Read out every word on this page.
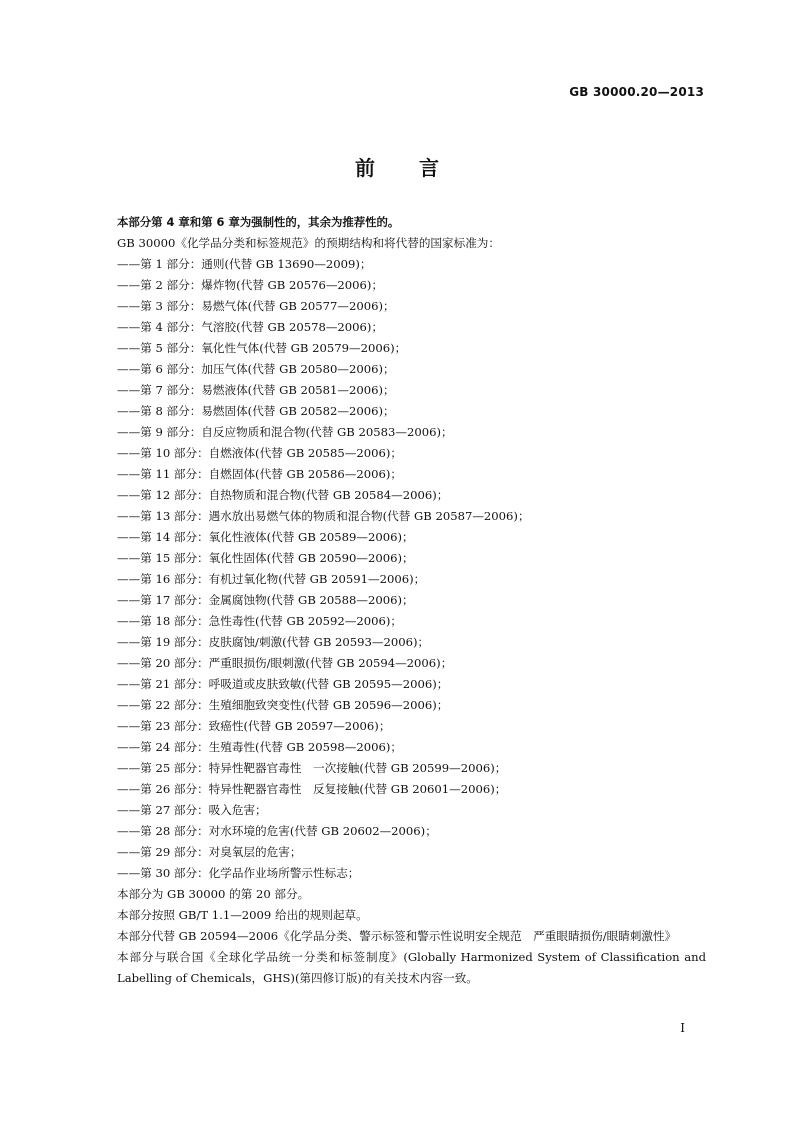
GB 30000.20—2013
前言
本部分第 4 章和第 6 章为强制性的，其余为推荐性的。
GB 30000《化学品分类和标签规范》的预期结构和将代替的国家标准为：
——第 1 部分：通则(代替 GB 13690—2009)；
——第 2 部分：爆炸物(代替 GB 20576—2006)；
——第 3 部分：易燃气体(代替 GB 20577—2006)；
——第 4 部分：气溶胶(代替 GB 20578—2006)；
——第 5 部分：氧化性气体(代替 GB 20579—2006)；
——第 6 部分：加压气体(代替 GB 20580—2006)；
——第 7 部分：易燃液体(代替 GB 20581—2006)；
——第 8 部分：易燃固体(代替 GB 20582—2006)；
——第 9 部分：自反应物质和混合物(代替 GB 20583—2006)；
——第 10 部分：自燃液体(代替 GB 20585—2006)；
——第 11 部分：自燃固体(代替 GB 20586—2006)；
——第 12 部分：自热物质和混合物(代替 GB 20584—2006)；
——第 13 部分：遇水放出易燃气体的物质和混合物(代替 GB 20587—2006)；
——第 14 部分：氧化性液体(代替 GB 20589—2006)；
——第 15 部分：氧化性固体(代替 GB 20590—2006)；
——第 16 部分：有机过氧化物(代替 GB 20591—2006)；
——第 17 部分：金属腐蚀物(代替 GB 20588—2006)；
——第 18 部分：急性毒性(代替 GB 20592—2006)；
——第 19 部分：皮肤腐蚀/刺激(代替 GB 20593—2006)；
——第 20 部分：严重眼损伤/眼刺激(代替 GB 20594—2006)；
——第 21 部分：呼吸道或皮肤致敏(代替 GB 20595—2006)；
——第 22 部分：生殖细胞致突变性(代替 GB 20596—2006)；
——第 23 部分：致癌性(代替 GB 20597—2006)；
——第 24 部分：生殖毒性(代替 GB 20598—2006)；
——第 25 部分：特异性靶器官毒性　一次接触(代替 GB 20599—2006)；
——第 26 部分：特异性靶器官毒性　反复接触(代替 GB 20601—2006)；
——第 27 部分：吸入危害；
——第 28 部分：对水环境的危害(代替 GB 20602—2006)；
——第 29 部分：对臭氧层的危害；
——第 30 部分：化学品作业场所警示性标志；
本部分为 GB 30000 的第 20 部分。
本部分按照 GB/T 1.1—2009 给出的规则起草。
本部分代替 GB 20594—2006《化学品分类、警示标签和警示性说明安全规范　严重眼睛损伤/眼睛刺激性》
本部分与联合国《全球化学品统一分类和标签制度》(Globally Harmonized System of Classification and Labelling of Chemicals，GHS)(第四修订版)的有关技术内容一致。
I
